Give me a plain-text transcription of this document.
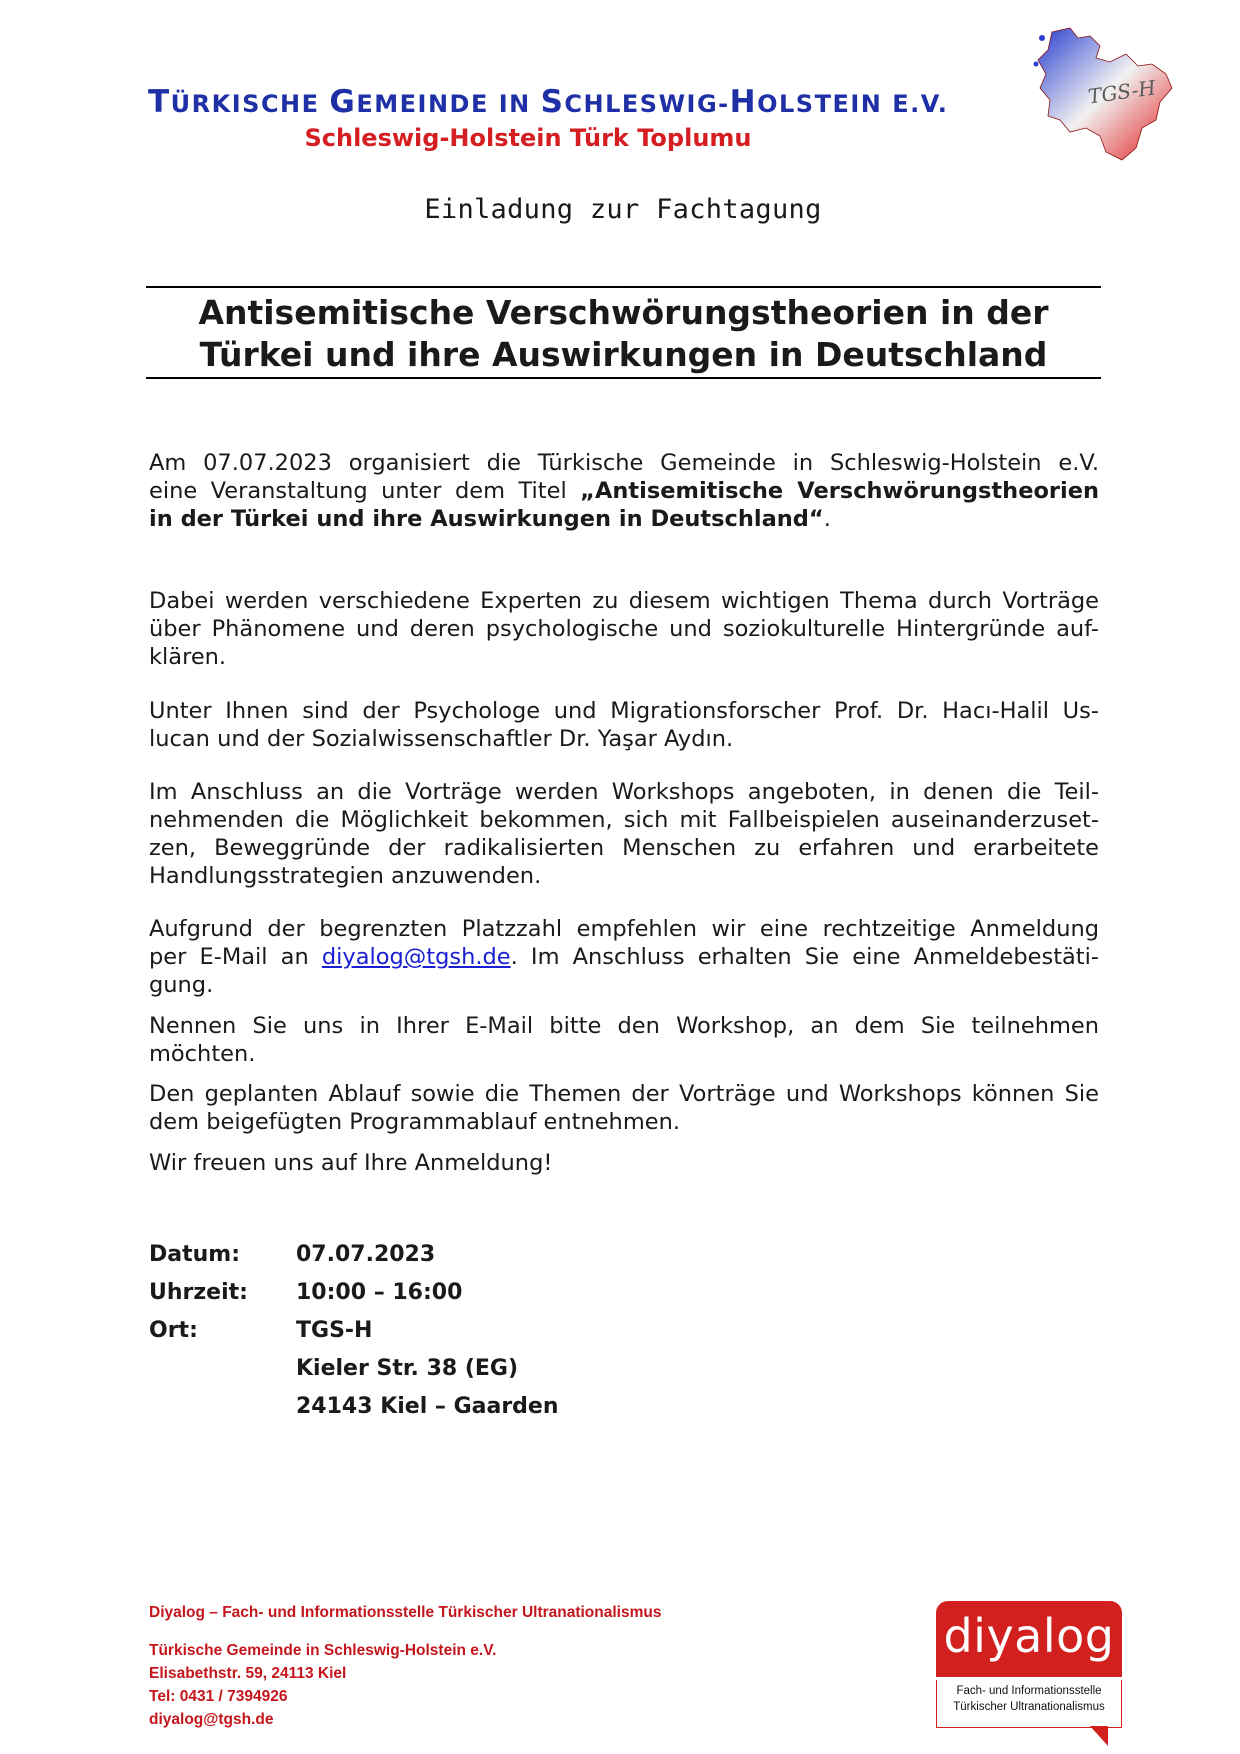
TÜRKISCHE GEMEINDE IN SCHLESWIG-HOLSTEIN E.V.
Schleswig-Holstein Türk Toplumu
TGS-H
Einladung zur Fachtagung
Antisemitische Verschwörungstheorien in der
Türkei und ihre Auswirkungen in Deutschland
Am 07.07.2023 organisiert die Türkische Gemeinde in Schleswig-Holstein e.V.
eine Veranstaltung unter dem Titel „Antisemitische Verschwörungstheorien
in der Türkei und ihre Auswirkungen in Deutschland“.
Dabei werden verschiedene Experten zu diesem wichtigen Thema durch Vorträge
über Phänomene und deren psychologische und soziokulturelle Hintergründe auf-
klären.
Unter Ihnen sind der Psychologe und Migrationsforscher Prof. Dr. Hacı-Halil Us-
lucan und der Sozialwissenschaftler Dr. Yaşar Aydın.
Im Anschluss an die Vorträge werden Workshops angeboten, in denen die Teil-
nehmenden die Möglichkeit bekommen, sich mit Fallbeispielen auseinanderzuset-
zen, Beweggründe der radikalisierten Menschen zu erfahren und erarbeitete
Handlungsstrategien anzuwenden.
Aufgrund der begrenzten Platzzahl empfehlen wir eine rechtzeitige Anmeldung
per E-Mail an diyalog@tgsh.de. Im Anschluss erhalten Sie eine Anmeldebestäti-
gung.
Nennen Sie uns in Ihrer E-Mail bitte den Workshop, an dem Sie teilnehmen
möchten.
Den geplanten Ablauf sowie die Themen der Vorträge und Workshops können Sie
dem beigefügten Programmablauf entnehmen.
Wir freuen uns auf Ihre Anmeldung!
Datum:	07.07.2023
Uhrzeit: 10:00 – 16:00
Ort:	TGS-H
Kieler Str. 38 (EG)
24143 Kiel – Gaarden
Diyalog – Fach- und Informationsstelle Türkischer Ultranationalismus
Türkische Gemeinde in Schleswig-Holstein e.V.
Elisabethstr. 59, 24113 Kiel
Tel: 0431 / 7394926
diyalog@tgsh.de
diyalog
Fach- und Informationsstelle
Türkischer Ultranationalismus
